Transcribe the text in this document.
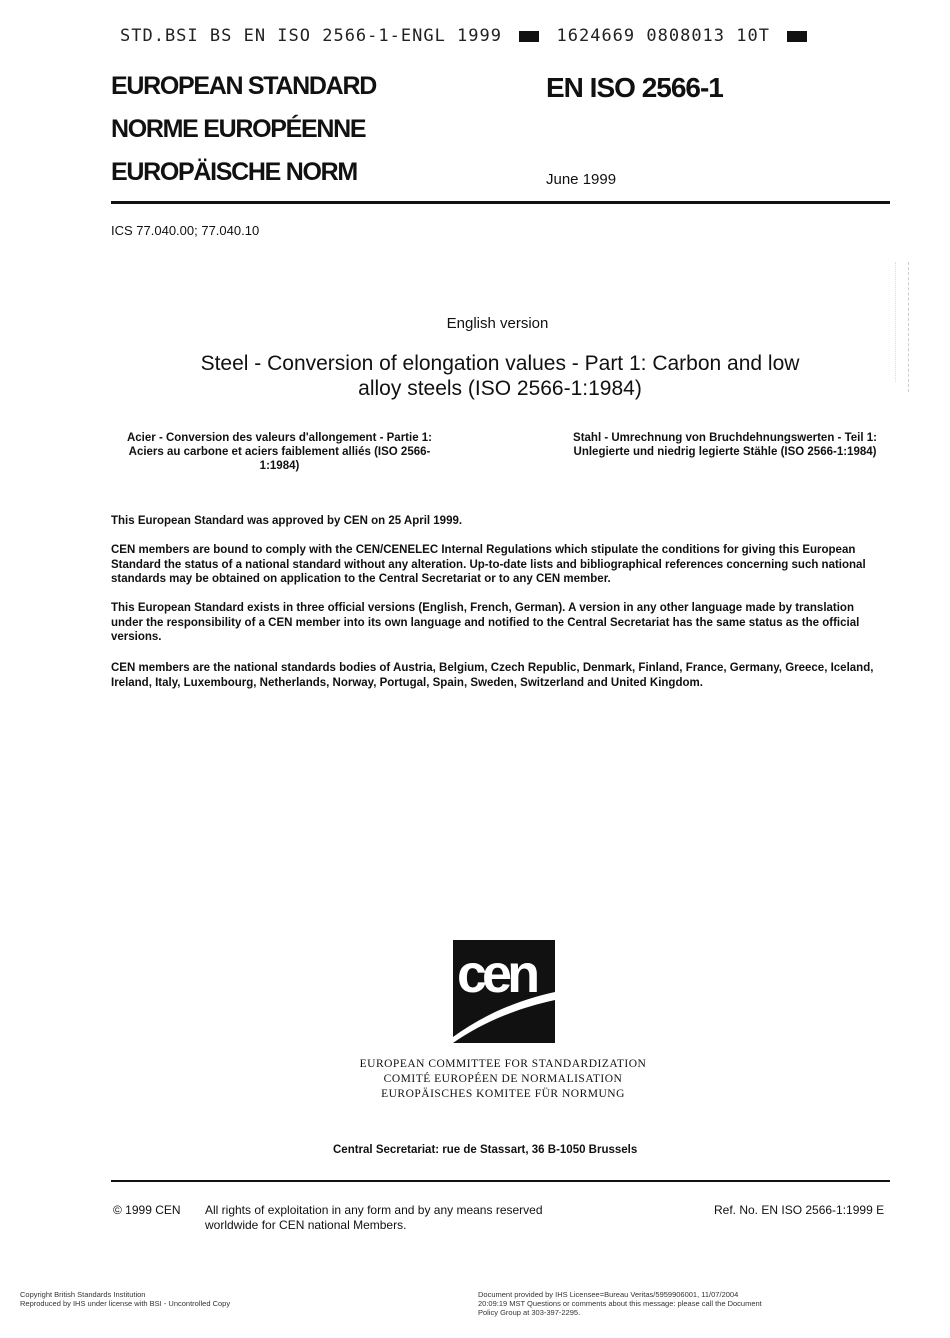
STD.BSI BS EN ISO 2566-1-ENGL 1999	1624669 0808013 10T
EUROPEAN STANDARD
NORME EUROPÉENNE
EUROPÄISCHE NORM
EN ISO 2566-1
June 1999
ICS 77.040.00; 77.040.10
English version
Steel - Conversion of elongation values - Part 1: Carbon and low
alloy steels (ISO 2566-1:1984)
Acier - Conversion des valeurs d'allongement - Partie 1:
Aciers au carbone et aciers faiblement alliés (ISO 2566-
1:1984)
Stahl - Umrechnung von Bruchdehnungswerten - Teil 1:
Unlegierte und niedrig legierte Stähle (ISO 2566-1:1984)
This European Standard was approved by CEN on 25 April 1999.
CEN members are bound to comply with the CEN/CENELEC Internal Regulations which stipulate the conditions for giving this European Standard the status of a national standard without any alteration. Up-to-date lists and bibliographical references concerning such national standards may be obtained on application to the Central Secretariat or to any CEN member.
This European Standard exists in three official versions (English, French, German). A version in any other language made by translation under the responsibility of a CEN member into its own language and notified to the Central Secretariat has the same status as the official versions.
CEN members are the national standards bodies of Austria, Belgium, Czech Republic, Denmark, Finland, France, Germany, Greece, Iceland, Ireland, Italy, Luxembourg, Netherlands, Norway, Portugal, Spain, Sweden, Switzerland and United Kingdom.
cen
EUROPEAN COMMITTEE FOR STANDARDIZATION
COMITÉ EUROPÉEN DE NORMALISATION
EUROPÄISCHES KOMITEE FÜR NORMUNG
Central Secretariat: rue de Stassart, 36 B-1050 Brussels
© 1999 CEN All rights of exploitation in any form and by any means reserved
worldwide for CEN national Members.
Ref. No. EN ISO 2566-1:1999 E
Copyright British Standards Institution
Reproduced by IHS under license with BSI - Uncontrolled Copy
Document provided by IHS Licensee=Bureau Veritas/5959906001, 11/07/2004
20:09:19 MST Questions or comments about this message: please call the Document
Policy Group at 303-397-2295.
